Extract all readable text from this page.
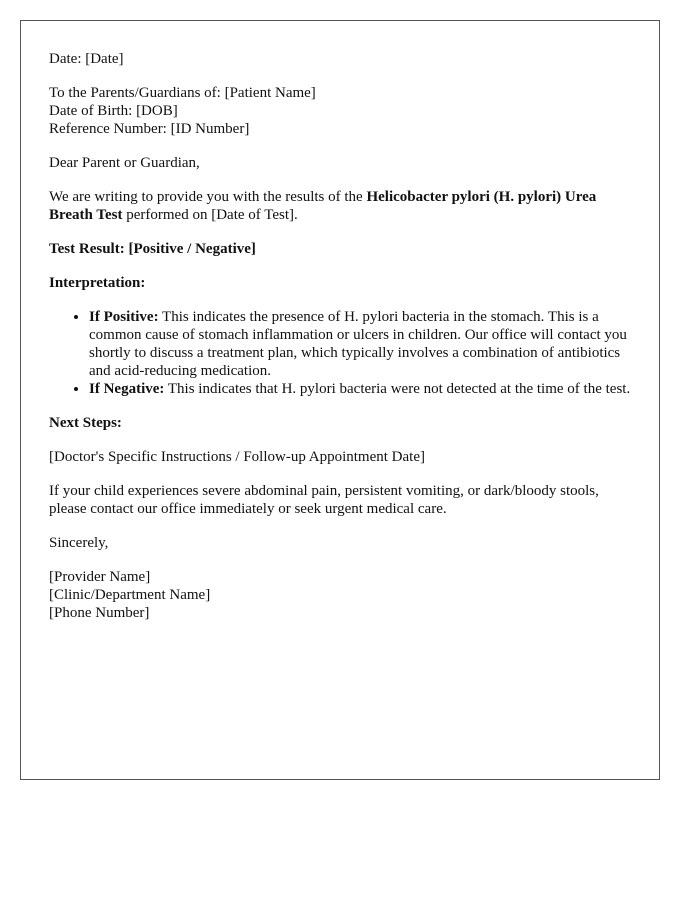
Date: [Date]

To the Parents/Guardians of: [Patient Name]
Date of Birth: [DOB]
Reference Number: [ID Number]

Dear Parent or Guardian,

We are writing to provide you with the results of the Helicobacter pylori (H. pylori) Urea Breath Test performed on [Date of Test].

Test Result: [Positive / Negative]

Interpretation:

• If Positive: This indicates the presence of H. pylori bacteria in the stomach. This is a common cause of stomach inflammation or ulcers in children. Our office will contact you shortly to discuss a treatment plan, which typically involves a combination of antibiotics and acid-reducing medication.
• If Negative: This indicates that H. pylori bacteria were not detected at the time of the test.

Next Steps:

[Doctor's Specific Instructions / Follow-up Appointment Date]

If your child experiences severe abdominal pain, persistent vomiting, or dark/bloody stools, please contact our office immediately or seek urgent medical care.

Sincerely,

[Provider Name]
[Clinic/Department Name]
[Phone Number]
